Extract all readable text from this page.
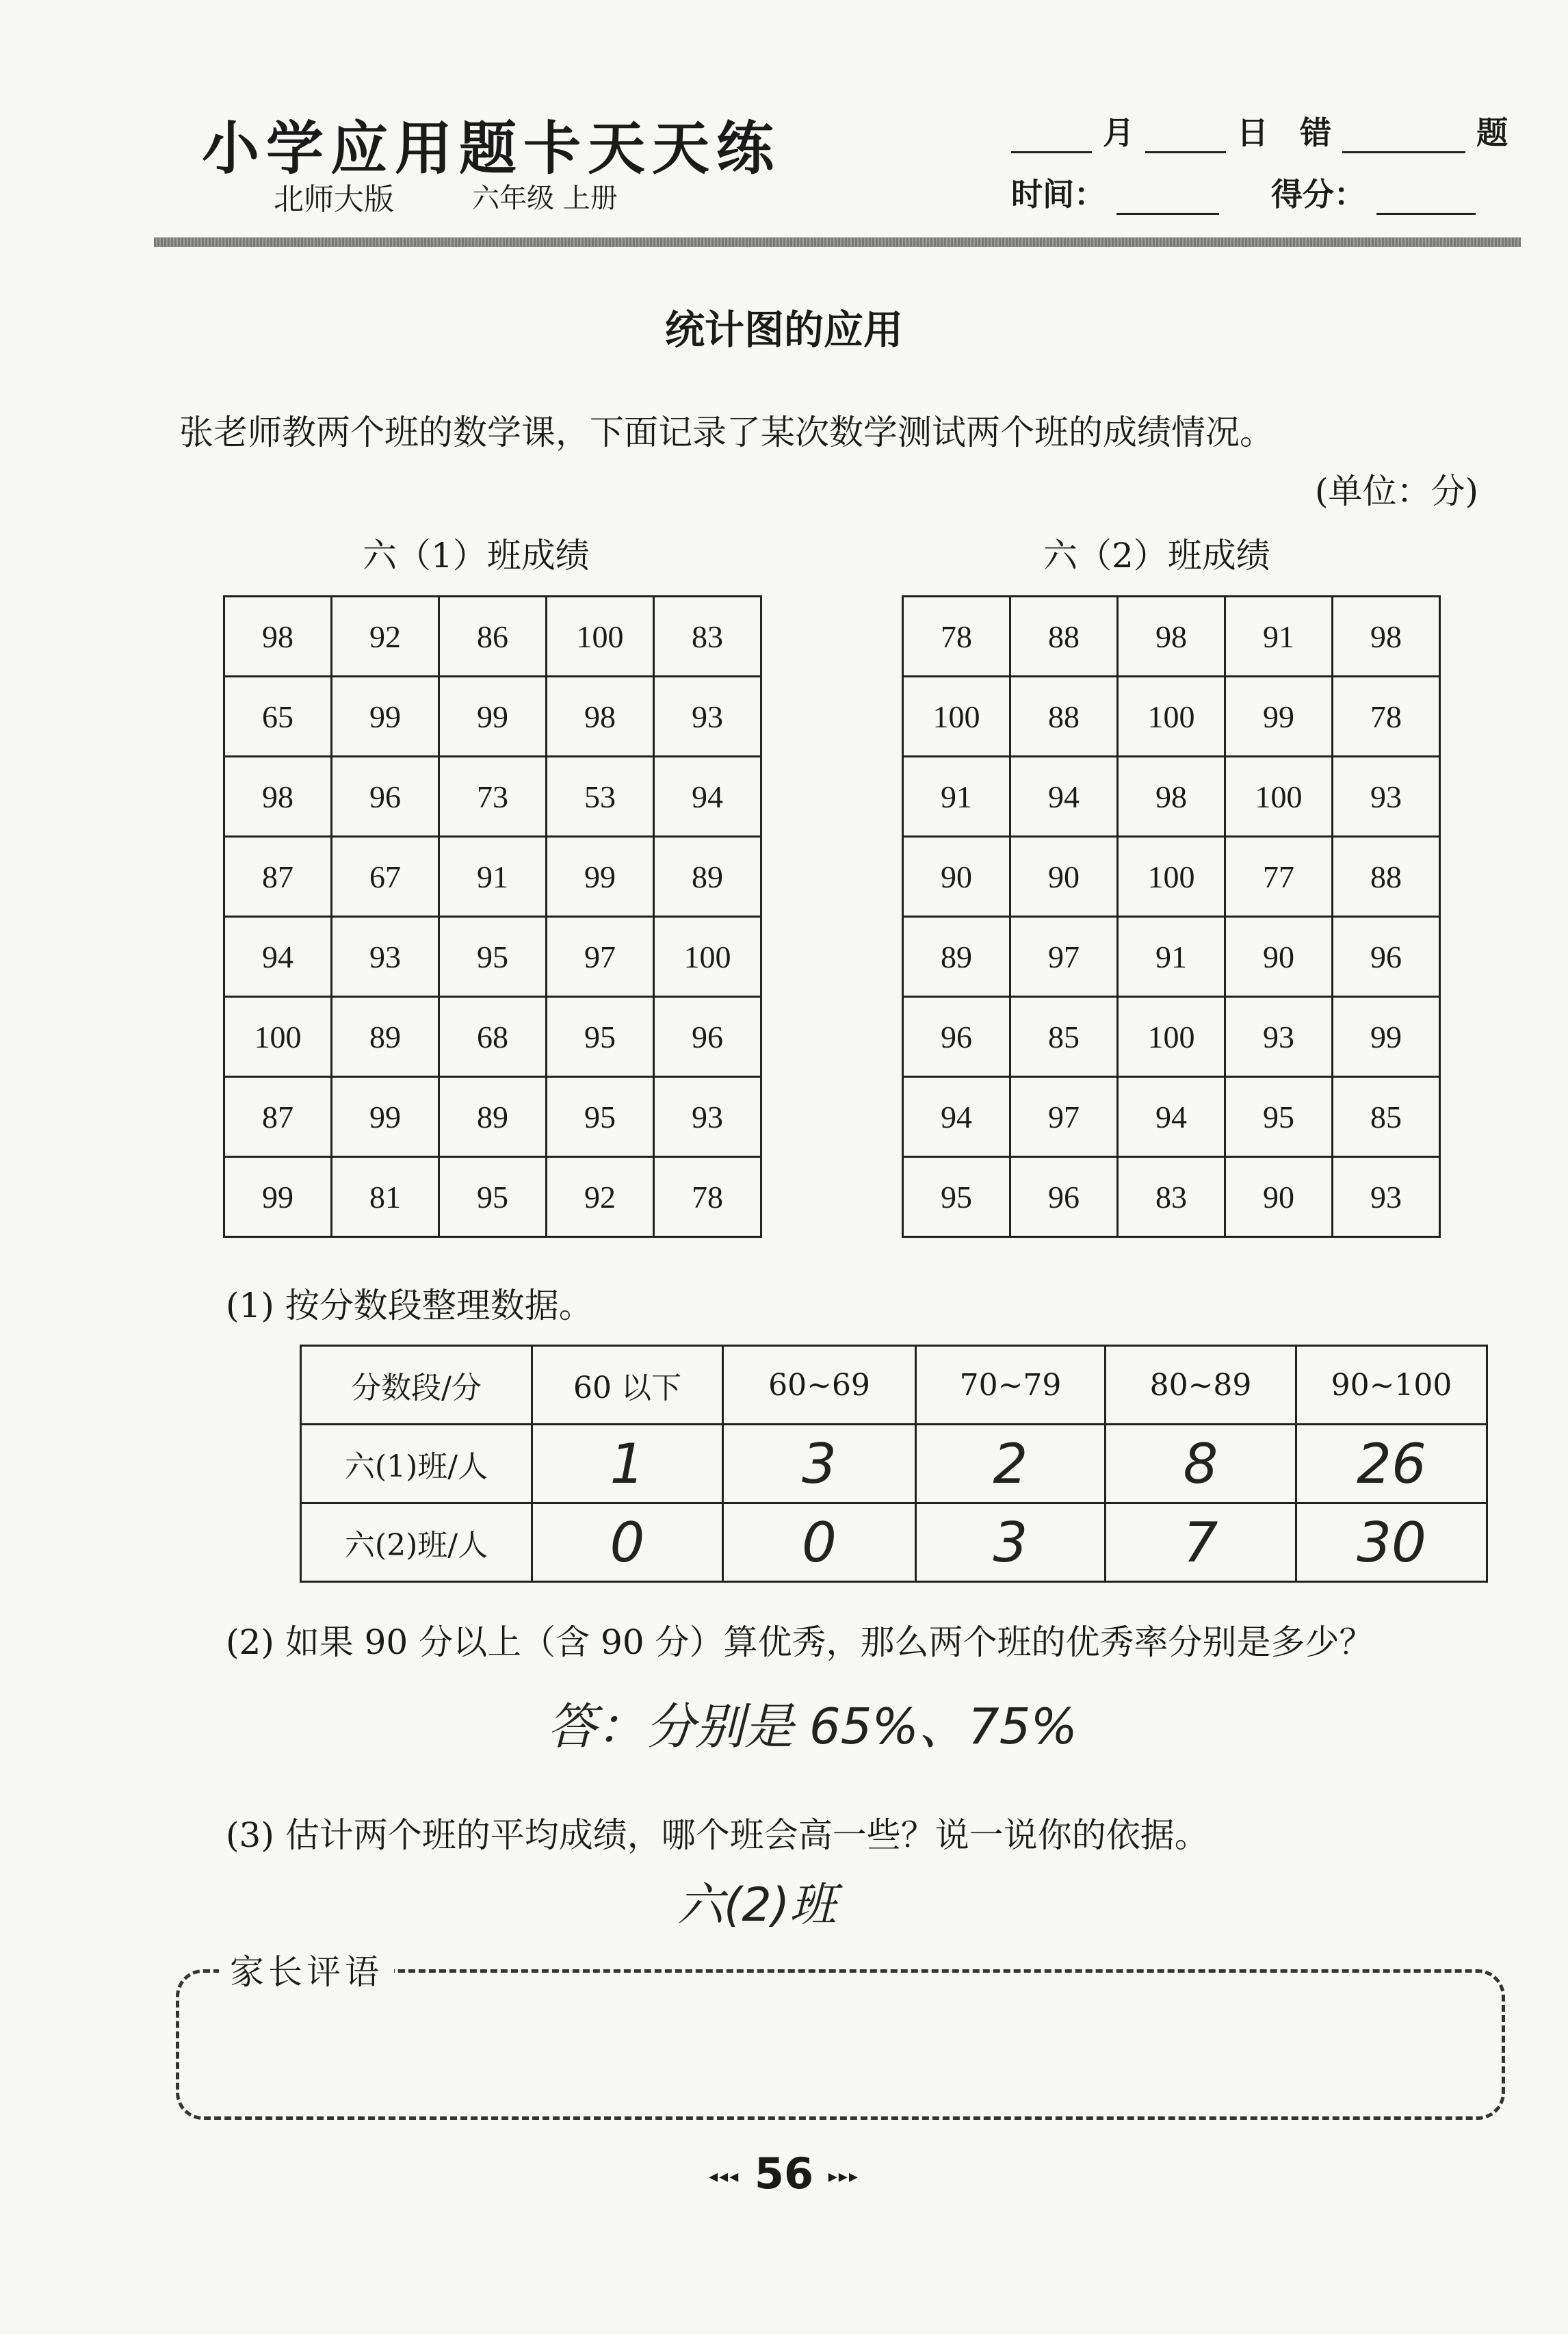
小学应用题卡天天练
北师大版	六年级 上册
月	日 错	题
时间：	得分：
统计图的应用
张老师教两个班的数学课，下面记录了某次数学测试两个班的成绩情况。
(单位：分)
六（1）班成绩	六（2）班成绩
98	92	86	100	83
65	99	99	98	93
98	96	73	53	94
87	67	91	99	89
94	93	95	97	100
100	89	68	95	96
87	99	89	95	93
99	81	95	92	78
78	88	98	91	98
100	88	100	99	78
91	94	98	100	93
90	90	100	77	88
89	97	91	90	96
96	85	100	93	99
94	97	94	95	85
95	96	83	90	93
(1) 按分数段整理数据。
分数段/分	60 以下	60~69	70~79	80~89	90~100
六(1)班/人	1	3	2	8	26
六(2)班/人	0	0	3	7	30
(2) 如果 90 分以上（含 90 分）算优秀，那么两个班的优秀率分别是多少？
答：分别是 65%、75%
(3) 估计两个班的平均成绩，哪个班会高一些？说一说你的依据。
六(2)班
家长评语
◂◂◂ 56 ▸▸▸
